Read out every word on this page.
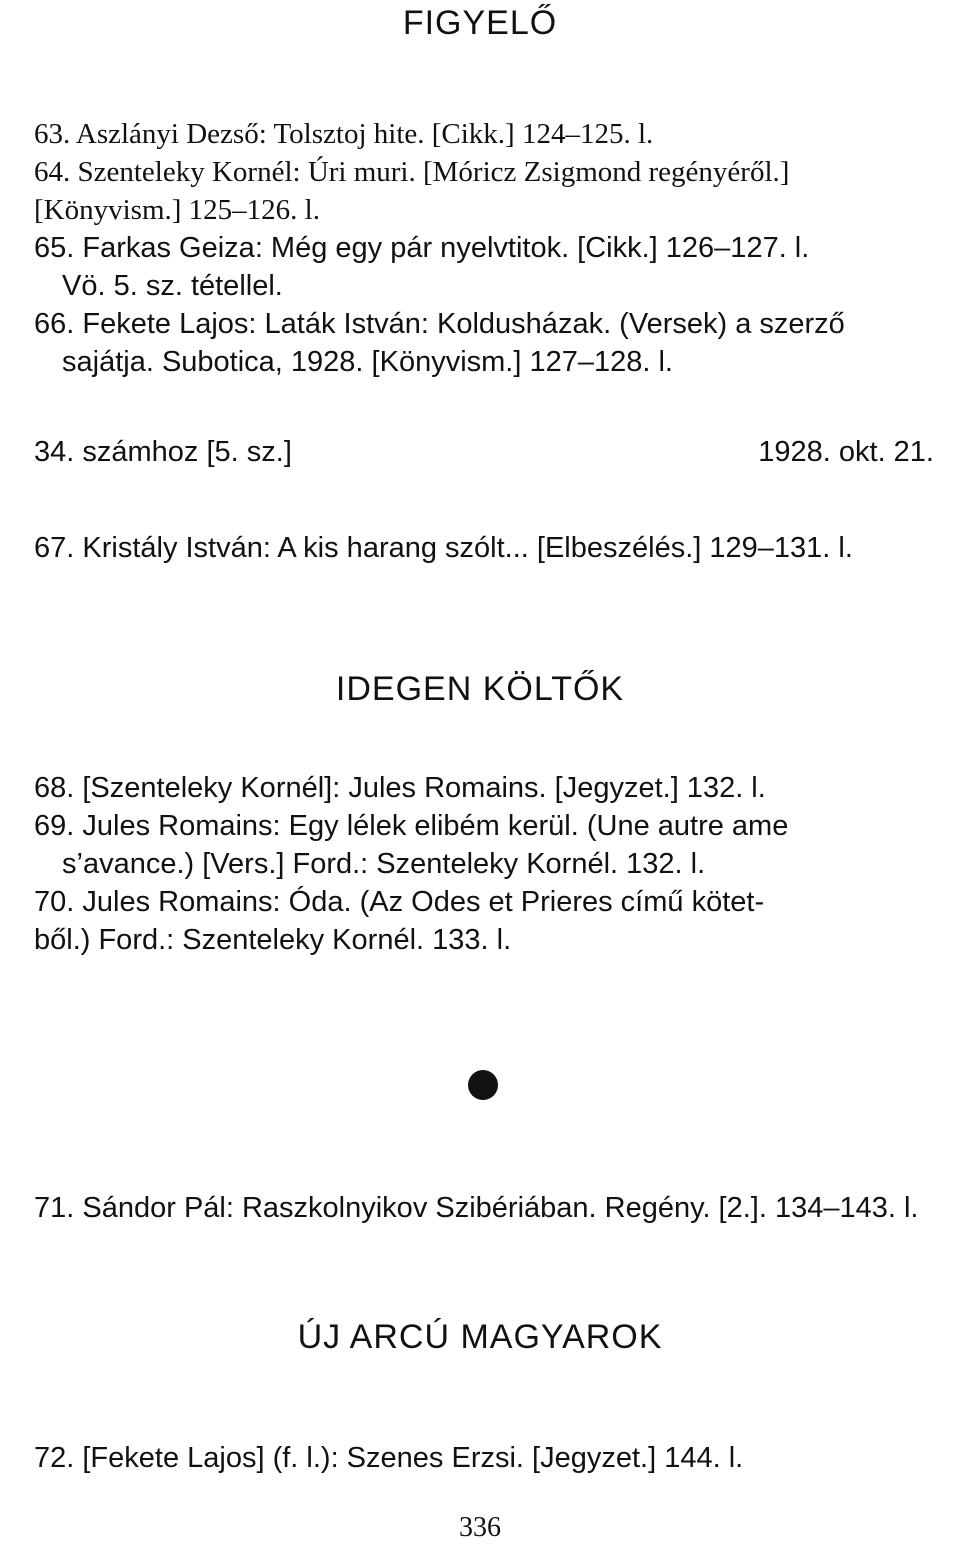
FIGYELŐ
63. Aszlányi Dezső: Tolsztoj hite. [Cikk.] 124–125. l.
64. Szenteleky Kornél: Úri muri. [Móricz Zsigmond regényéről.]
[Könyvism.] 125–126. l.
65. Farkas Geiza: Még egy pár nyelvtitok. [Cikk.] 126–127. l.
Vö. 5. sz. tétellel.
66. Fekete Lajos: Laták István: Koldusházak. (Versek) a szerző
sajátja. Subotica, 1928. [Könyvism.] 127–128. l.
34. számhoz [5. sz.]	1928. okt. 21.
67. Kristály István: A kis harang szólt... [Elbeszélés.] 129–131. l.
IDEGEN KÖLTŐK
68. [Szenteleky Kornél]: Jules Romains. [Jegyzet.] 132. l.
69. Jules Romains: Egy lélek elibém kerül. (Une autre ame
s’avance.) [Vers.] Ford.: Szenteleky Kornél. 132. l.
70. Jules Romains: Óda. (Az Odes et Prieres című kötet-
ből.) Ford.: Szenteleky Kornél. 133. l.
71. Sándor Pál: Raszkolnyikov Szibériában. Regény. [2.]. 134–143. l.
ÚJ ARCÚ MAGYAROK
72. [Fekete Lajos] (f. l.): Szenes Erzsi. [Jegyzet.] 144. l.
336
